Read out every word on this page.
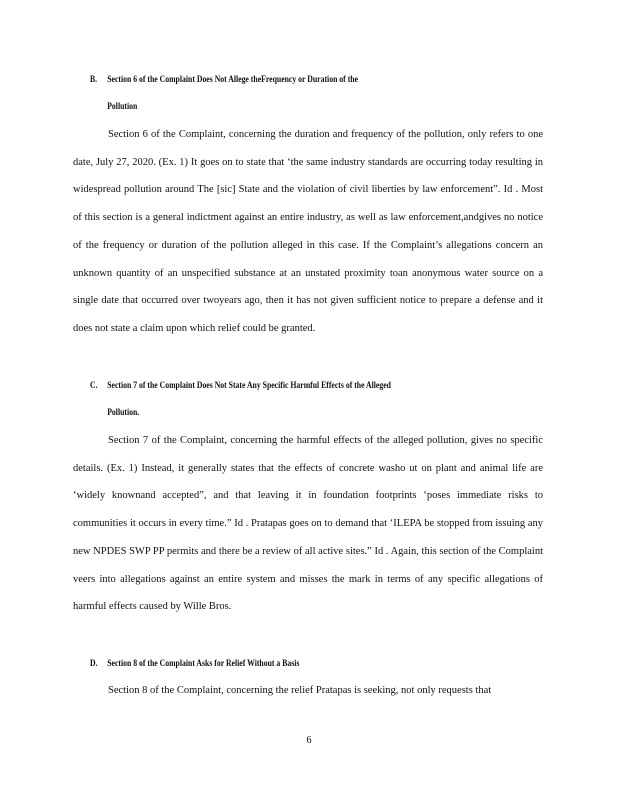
B. Section 6 of the Complaint Does Not Allege theFrequency or Duration of the
Pollution

Section 6 of the Complaint, concerning the duration and frequency of the pollution, only refers to one date, July 27, 2020. (Ex. 1) It goes on to state that ‘the same industry standards are occurring today resulting in widespread pollution around The [sic] State and the violation of civil liberties by law enforcement”. Id . Most of this section is a general indictment against an entire industry, as well as law enforcement,andgives no notice of the frequency or duration of the pollution alleged in this case. If the Complaint’s allegations concern an unknown quantity of an unspecified substance at an unstated proximity toan anonymous water source on a single date that occurred over twoyears ago, then it has not given sufficient notice to prepare a defense and it does not state a claim upon which relief could be granted.

C. Section 7 of the Complaint Does Not State Any Specific Harmful Effects of the Alleged
Pollution.

Section 7 of the Complaint, concerning the harmful effects of the alleged pollution, gives no specific details. (Ex. 1) Instead, it generally states that the effects of concrete washo ut on plant and animal life are ‘widely knownand accepted”, and that leaving it in foundation footprints ‘poses immediate risks to communities it occurs in every time.” Id . Pratapas goes on to demand that ‘ILEPA be stopped from issuing any new NPDES SWP PP permits and there be a review of all active sites.” Id . Again, this section of the Complaint veers into allegations against an entire system and misses the mark in terms of any specific allegations of harmful effects caused by Wille Bros.

D. Section 8 of the Complaint Asks for Relief Without a Basis

Section 8 of the Complaint, concerning the relief Pratapas is seeking, not only requests that

6
